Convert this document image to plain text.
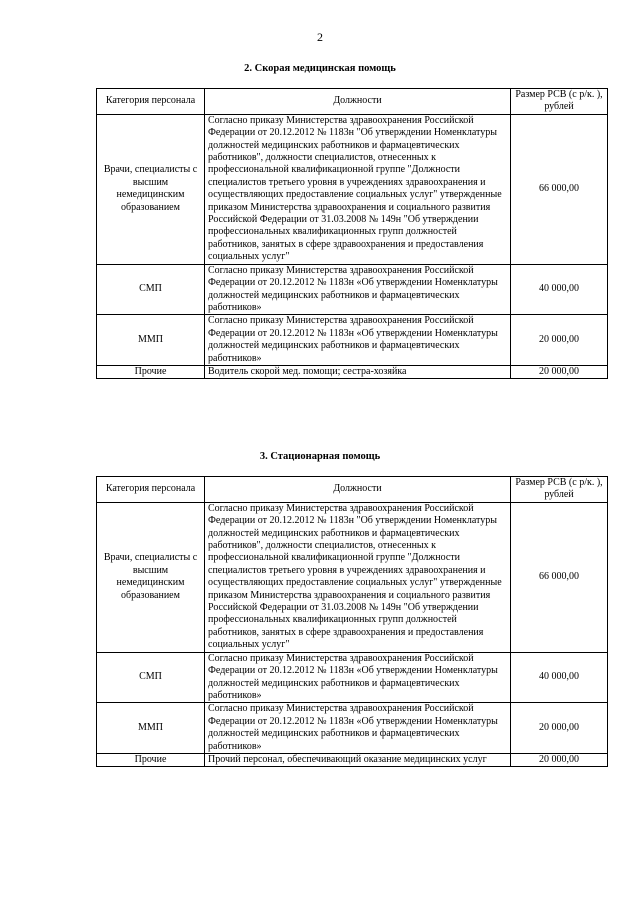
2
2. Скорая медицинская помощь
Категория персонала	Должности	Размер РСВ (с р/к. ), рублей
Врачи, специалисты с высшим немедицинским образованием	Согласно приказу Министерства здравоохранения Российской Федерации от 20.12.2012 № 1183н "Об утверждении Номенклатуры должностей медицинских работников и фармацевтических работников", должности специалистов, отнесенных к профессиональной квалификационной группе "Должности специалистов третьего уровня в учреждениях здравоохранения и осуществляющих предоставление социальных услуг" утвержденные приказом Министерства здравоохранения и социального развития Российской Федерации от 31.03.2008 № 149н "Об утверждении профессиональных квалификационных групп должностей работников, занятых в сфере здравоохранения и предоставления социальных услуг"	66 000,00
СМП	Согласно приказу Министерства здравоохранения Российской Федерации от 20.12.2012 № 1183н «Об утверждении Номенклатуры должностей медицинских работников и фармацевтических работников»	40 000,00
ММП	Согласно приказу Министерства здравоохранения Российской Федерации от 20.12.2012 № 1183н «Об утверждении Номенклатуры должностей медицинских работников и фармацевтических работников»	20 000,00
Прочие	Водитель скорой мед. помощи; сестра-хозяйка	20 000,00
3. Стационарная помощь
Категория персонала	Должности	Размер РСВ (с р/к. ), рублей
Врачи, специалисты с высшим немедицинским образованием	Согласно приказу Министерства здравоохранения Российской Федерации от 20.12.2012 № 1183н "Об утверждении Номенклатуры должностей медицинских работников и фармацевтических работников", должности специалистов, отнесенных к профессиональной квалификационной группе "Должности специалистов третьего уровня в учреждениях здравоохранения и осуществляющих предоставление социальных услуг" утвержденные приказом Министерства здравоохранения и социального развития Российской Федерации от 31.03.2008 № 149н "Об утверждении профессиональных квалификационных групп должностей работников, занятых в сфере здравоохранения и предоставления социальных услуг"	66 000,00
СМП	Согласно приказу Министерства здравоохранения Российской Федерации от 20.12.2012 № 1183н «Об утверждении Номенклатуры должностей медицинских работников и фармацевтических работников»	40 000,00
ММП	Согласно приказу Министерства здравоохранения Российской Федерации от 20.12.2012 № 1183н «Об утверждении Номенклатуры должностей медицинских работников и фармацевтических работников»	20 000,00
Прочие	Прочий персонал, обеспечивающий оказание медицинских услуг	20 000,00
